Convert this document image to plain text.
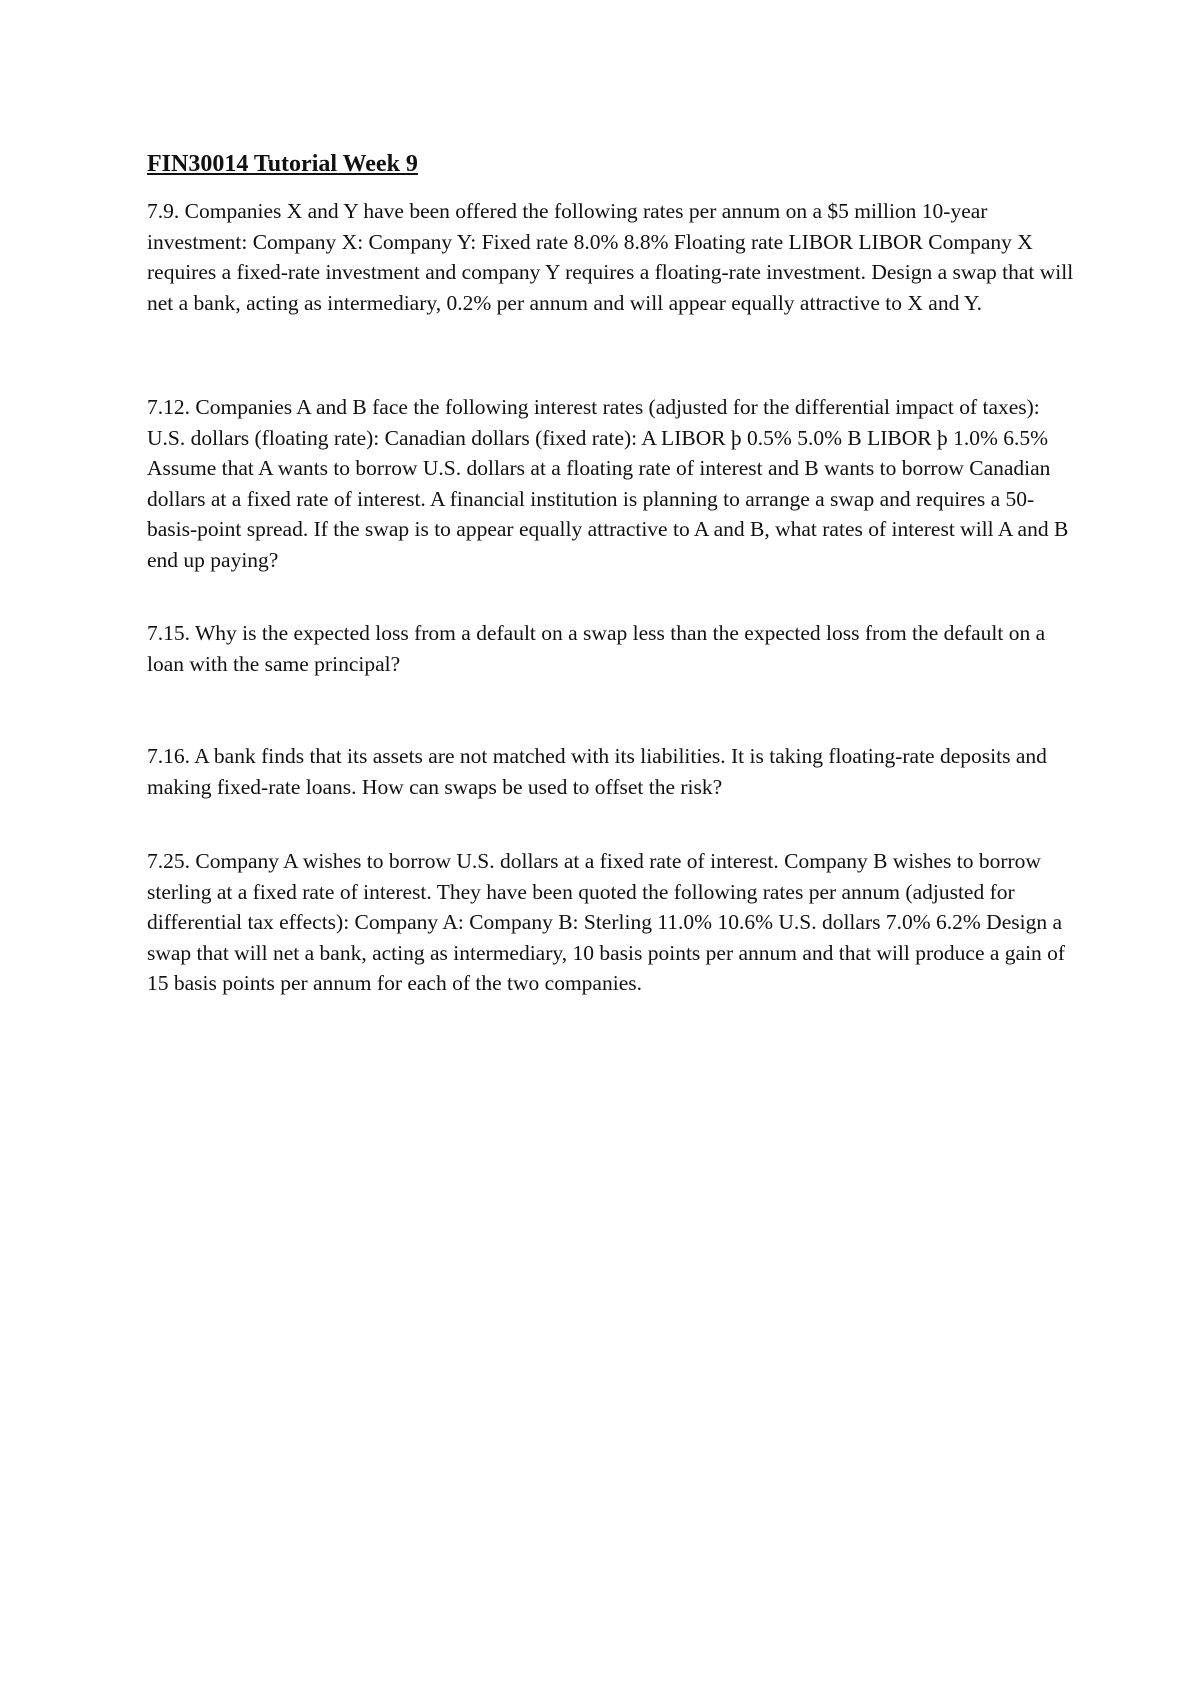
FIN30014 Tutorial Week 9

7.9. Companies X and Y have been offered the following rates per annum on a $5 million 10-year investment: Company X: Company Y: Fixed rate 8.0% 8.8% Floating rate LIBOR LIBOR Company X requires a fixed-rate investment and company Y requires a floating-rate investment. Design a swap that will net a bank, acting as intermediary, 0.2% per annum and will appear equally attractive to X and Y.

7.12. Companies A and B face the following interest rates (adjusted for the differential impact of taxes): U.S. dollars (floating rate): Canadian dollars (fixed rate): A LIBOR þ 0.5% 5.0% B LIBOR þ 1.0% 6.5% Assume that A wants to borrow U.S. dollars at a floating rate of interest and B wants to borrow Canadian dollars at a fixed rate of interest. A financial institution is planning to arrange a swap and requires a 50-basis-point spread. If the swap is to appear equally attractive to A and B, what rates of interest will A and B end up paying?

7.15. Why is the expected loss from a default on a swap less than the expected loss from the default on a loan with the same principal?

7.16. A bank finds that its assets are not matched with its liabilities. It is taking floating-rate deposits and making fixed-rate loans. How can swaps be used to offset the risk?

7.25. Company A wishes to borrow U.S. dollars at a fixed rate of interest. Company B wishes to borrow sterling at a fixed rate of interest. They have been quoted the following rates per annum (adjusted for differential tax effects): Company A: Company B: Sterling 11.0% 10.6% U.S. dollars 7.0% 6.2% Design a swap that will net a bank, acting as intermediary, 10 basis points per annum and that will produce a gain of 15 basis points per annum for each of the two companies.
